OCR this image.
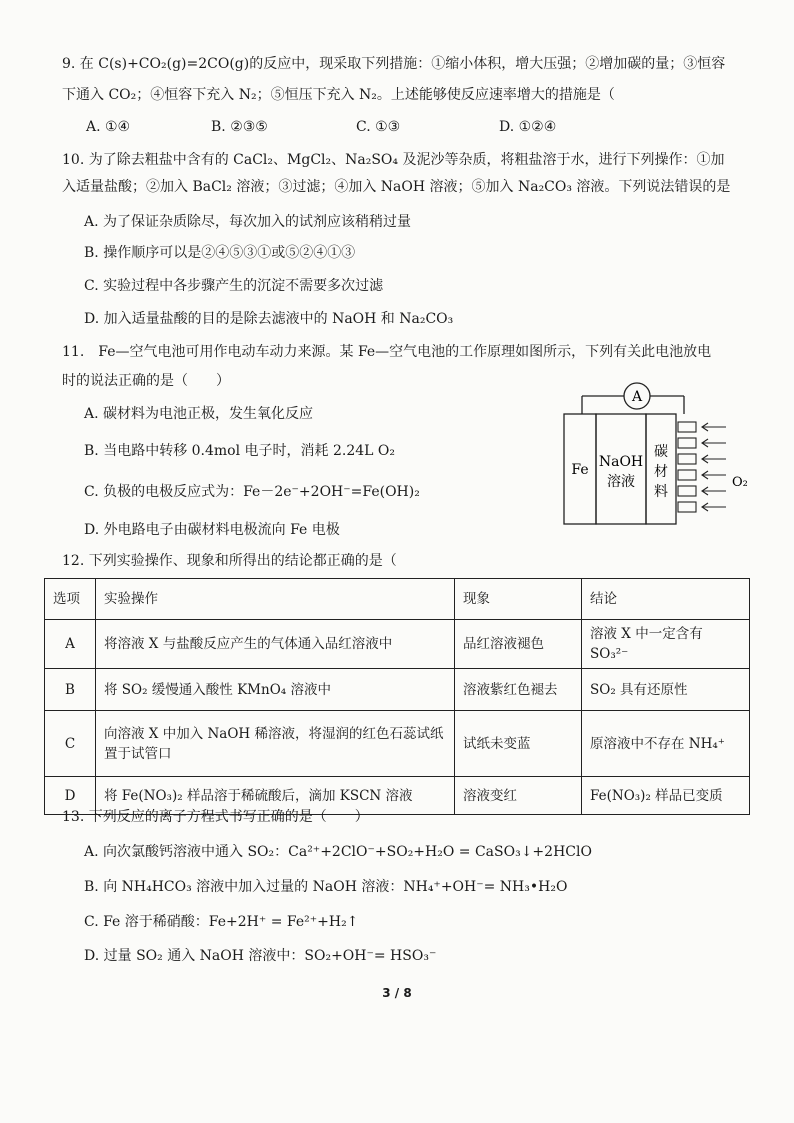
9. 在 C(s)+CO₂(g)=2CO(g)的反应中，现采取下列措施：①缩小体积，增大压强；②增加碳的量；③恒容
下通入 CO₂；④恒容下充入 N₂；⑤恒压下充入 N₂。上述能够使反应速率增大的措施是（
A. ①④	B. ②③⑤	C. ①③	D. ①②④
10. 为了除去粗盐中含有的 CaCl₂、MgCl₂、Na₂SO₄ 及泥沙等杂质，将粗盐溶于水，进行下列操作：①加
入适量盐酸；②加入 BaCl₂ 溶液；③过滤；④加入 NaOH 溶液；⑤加入 Na₂CO₃ 溶液。下列说法错误的是
A. 为了保证杂质除尽，每次加入的试剂应该稍稍过量
B. 操作顺序可以是②④⑤③①或⑤②④①③
C. 实验过程中各步骤产生的沉淀不需要多次过滤
D. 加入适量盐酸的目的是除去滤液中的 NaOH 和 Na₂CO₃
11.　Fe—空气电池可用作电动车动力来源。某 Fe—空气电池的工作原理如图所示，下列有关此电池放电
时的说法正确的是（　　）
A. 碳材料为电池正极，发生氧化反应
B. 当电路中转移 0.4mol 电子时，消耗 2.24L O₂
C. 负极的电极反应式为：Fe－2e⁻+2OH⁻=Fe(OH)₂
D. 外电路电子由碳材料电极流向 Fe 电极
A
Fe NaOH
溶液
碳
材
料
O₂
12. 下列实验操作、现象和所得出的结论都正确的是（
选项	实验操作	现象	结论
A	将溶液 X 与盐酸反应产生的气体通入品红溶液中	品红溶液褪色	溶液 X 中一定含有 SO₃²⁻
B	将 SO₂ 缓慢通入酸性 KMnO₄ 溶液中	溶液紫红色褪去	SO₂ 具有还原性
C	向溶液 X 中加入 NaOH 稀溶液，将湿润的红色石蕊试纸置于试管口	试纸未变蓝	原溶液中不存在 NH₄⁺
D	将 Fe(NO₃)₂ 样品溶于稀硫酸后，滴加 KSCN 溶液	溶液变红	Fe(NO₃)₂ 样品已变质
13. 下列反应的离子方程式书写正确的是（　　）
A. 向次氯酸钙溶液中通入 SO₂：Ca²⁺+2ClO⁻+SO₂+H₂O = CaSO₃↓+2HClO
B. 向 NH₄HCO₃ 溶液中加入过量的 NaOH 溶液：NH₄⁺+OH⁻= NH₃•H₂O
C. Fe 溶于稀硝酸：Fe+2H⁺ = Fe²⁺+H₂↑
D. 过量 SO₂ 通入 NaOH 溶液中：SO₂+OH⁻= HSO₃⁻
3 / 8
